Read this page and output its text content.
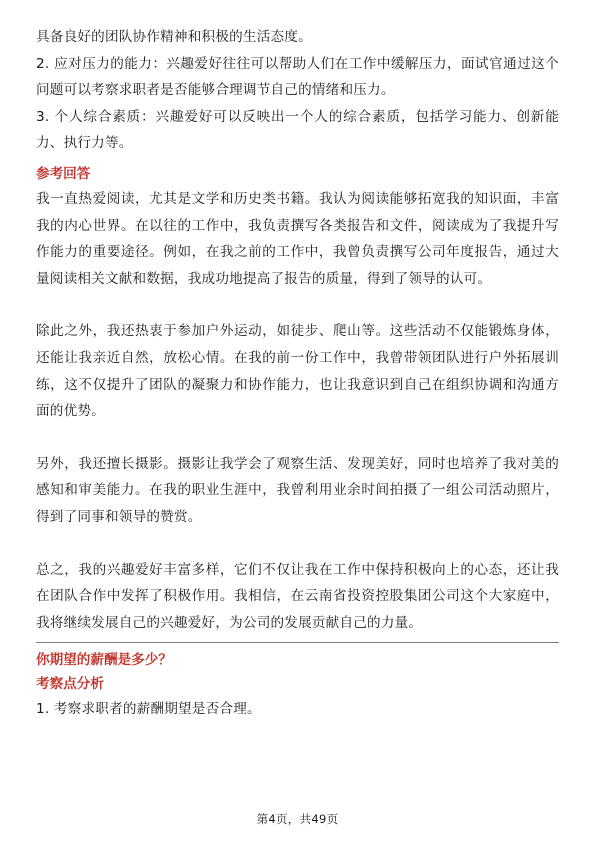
具备良好的团队协作精神和积极的生活态度。

2. 应对压力的能力：兴趣爱好往往可以帮助人们在工作中缓解压力，面试官通过这个问题可以考察求职者是否能够合理调节自己的情绪和压力。

3. 个人综合素质：兴趣爱好可以反映出一个人的综合素质，包括学习能力、创新能力、执行力等。

参考回答

我一直热爱阅读，尤其是文学和历史类书籍。我认为阅读能够拓宽我的知识面，丰富我的内心世界。在以往的工作中，我负责撰写各类报告和文件，阅读成为了我提升写作能力的重要途径。例如，在我之前的工作中，我曾负责撰写公司年度报告，通过大量阅读相关文献和数据，我成功地提高了报告的质量，得到了领导的认可。

除此之外，我还热衷于参加户外运动，如徒步、爬山等。这些活动不仅能锻炼身体，还能让我亲近自然，放松心情。在我的前一份工作中，我曾带领团队进行户外拓展训练，这不仅提升了团队的凝聚力和协作能力，也让我意识到自己在组织协调和沟通方面的优势。

另外，我还擅长摄影。摄影让我学会了观察生活、发现美好，同时也培养了我对美的感知和审美能力。在我的职业生涯中，我曾利用业余时间拍摄了一组公司活动照片，得到了同事和领导的赞赏。

总之，我的兴趣爱好丰富多样，它们不仅让我在工作中保持积极向上的心态，还让我在团队合作中发挥了积极作用。我相信，在云南省投资控股集团公司这个大家庭中，我将继续发展自己的兴趣爱好，为公司的发展贡献自己的力量。

你期望的薪酬是多少？

考察点分析

1. 考察求职者的薪酬期望是否合理。

第4页，共49页
